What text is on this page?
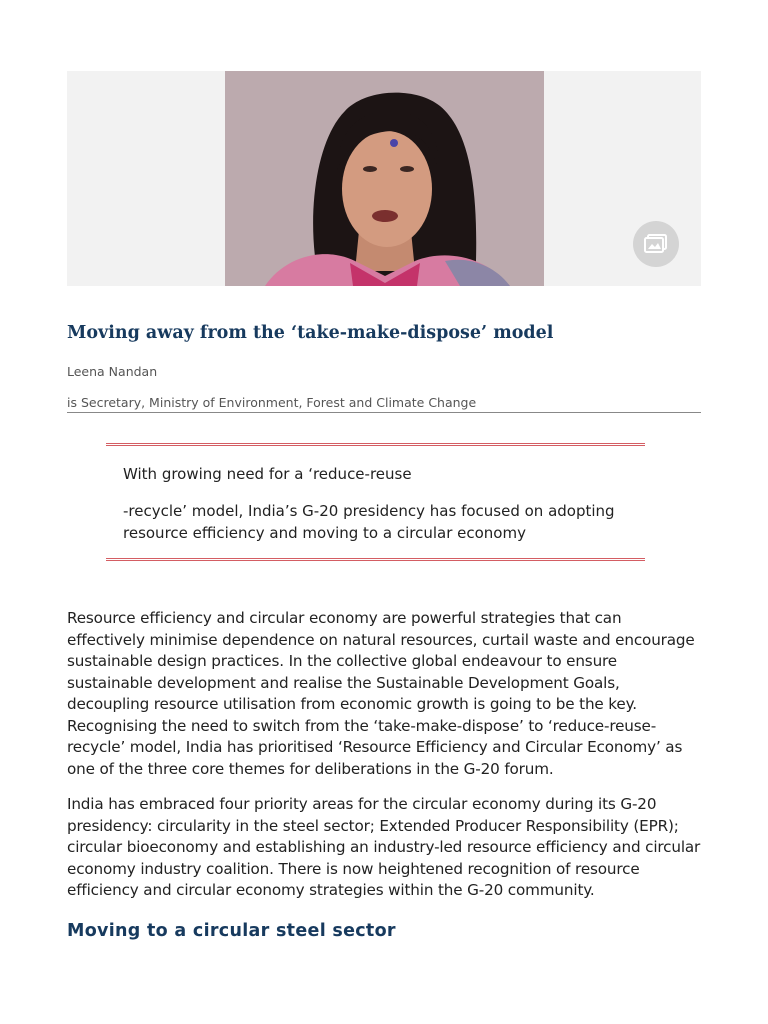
Moving away from the ‘take-make-dispose’ model
Leena Nandan
is Secretary, Ministry of Environment, Forest and Climate Change

With growing need for a ‘reduce-reuse

-recycle’ model, India’s G-20 presidency has focused on adopting resource efficiency and moving to a circular economy

Resource efficiency and circular economy are powerful strategies that can effectively minimise dependence on natural resources, curtail waste and encourage sustainable design practices. In the collective global endeavour to ensure sustainable development and realise the Sustainable Development Goals, decoupling resource utilisation from economic growth is going to be the key. Recognising the need to switch from the ‘take-make-dispose’ to ‘reduce-reuse-recycle’ model, India has prioritised ‘Resource Efficiency and Circular Economy’ as one of the three core themes for deliberations in the G-20 forum.

India has embraced four priority areas for the circular economy during its G-20 presidency: circularity in the steel sector; Extended Producer Responsibility (EPR); circular bioeconomy and establishing an industry-led resource efficiency and circular economy industry coalition. There is now heightened recognition of resource efficiency and circular economy strategies within the G-20 community.

Moving to a circular steel sector
